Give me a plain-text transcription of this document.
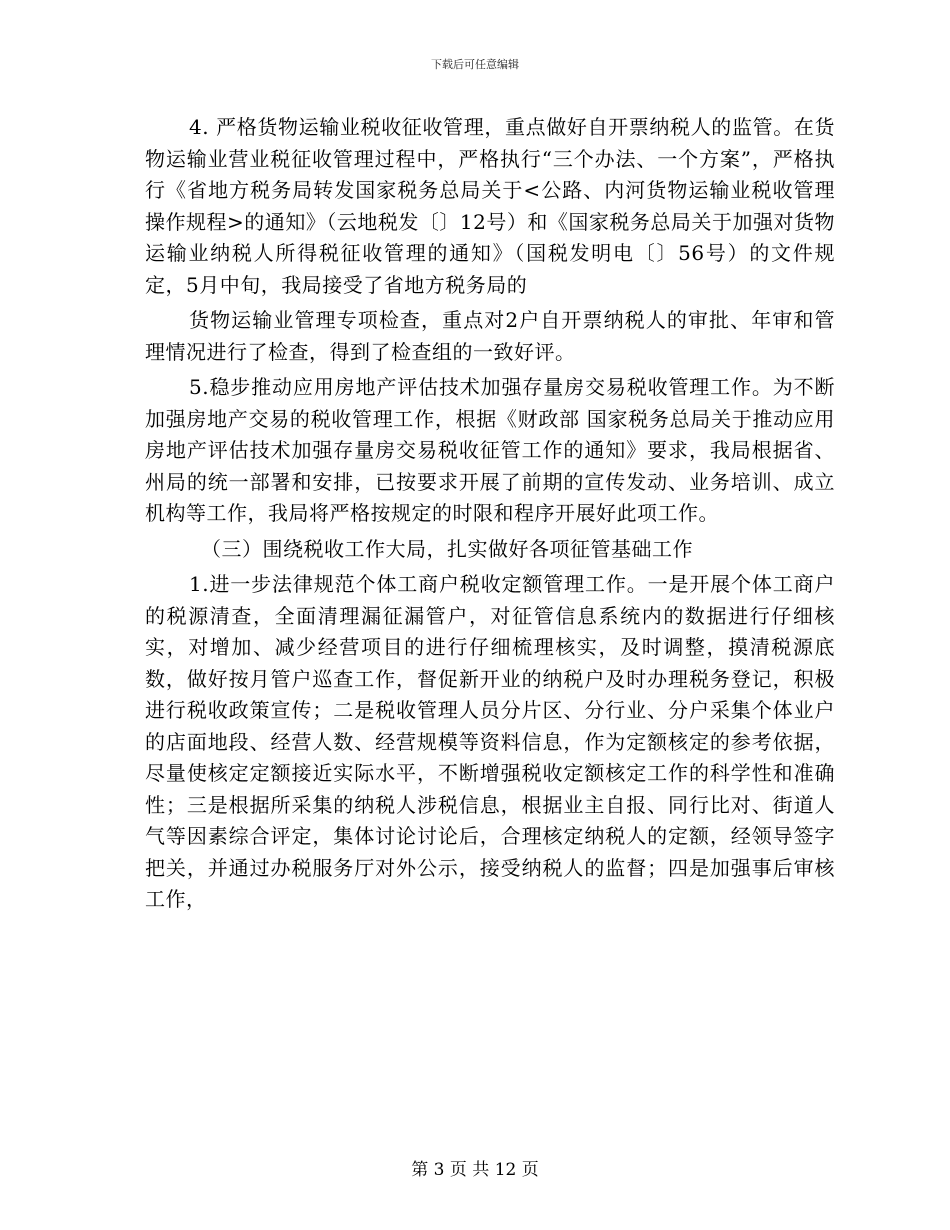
下载后可任意编辑

4. 严格货物运输业税收征收管理，重点做好自开票纳税人的监管。在货物运输业营业税征收管理过程中，严格执行“三个办法、一个方案”，严格执行《省地方税务局转发国家税务总局关于<公路、内河货物运输业税收管理操作规程>的通知》（云地税发〔〕12号）和《国家税务总局关于加强对货物运输业纳税人所得税征收管理的通知》（国税发明电〔〕56号）的文件规定，5月中旬，我局接受了省地方税务局的

货物运输业管理专项检查，重点对2户自开票纳税人的审批、年审和管理情况进行了检查，得到了检查组的一致好评。

5.稳步推动应用房地产评估技术加强存量房交易税收管理工作。为不断加强房地产交易的税收管理工作，根据《财政部 国家税务总局关于推动应用房地产评估技术加强存量房交易税收征管工作的通知》要求，我局根据省、州局的统一部署和安排，已按要求开展了前期的宣传发动、业务培训、成立机构等工作，我局将严格按规定的时限和程序开展好此项工作。

（三）围绕税收工作大局，扎实做好各项征管基础工作

1.进一步法律规范个体工商户税收定额管理工作。一是开展个体工商户的税源清查，全面清理漏征漏管户，对征管信息系统内的数据进行仔细核实，对增加、减少经营项目的进行仔细梳理核实，及时调整，摸清税源底数，做好按月管户巡查工作，督促新开业的纳税户及时办理税务登记，积极进行税收政策宣传；二是税收管理人员分片区、分行业、分户采集个体业户的店面地段、经营人数、经营规模等资料信息，作为定额核定的参考依据，尽量使核定定额接近实际水平，不断增强税收定额核定工作的科学性和准确性；三是根据所采集的纳税人涉税信息，根据业主自报、同行比对、街道人气等因素综合评定，集体讨论讨论后，合理核定纳税人的定额，经领导签字把关，并通过办税服务厅对外公示，接受纳税人的监督；四是加强事后审核工作，

第 3 页 共 12 页
